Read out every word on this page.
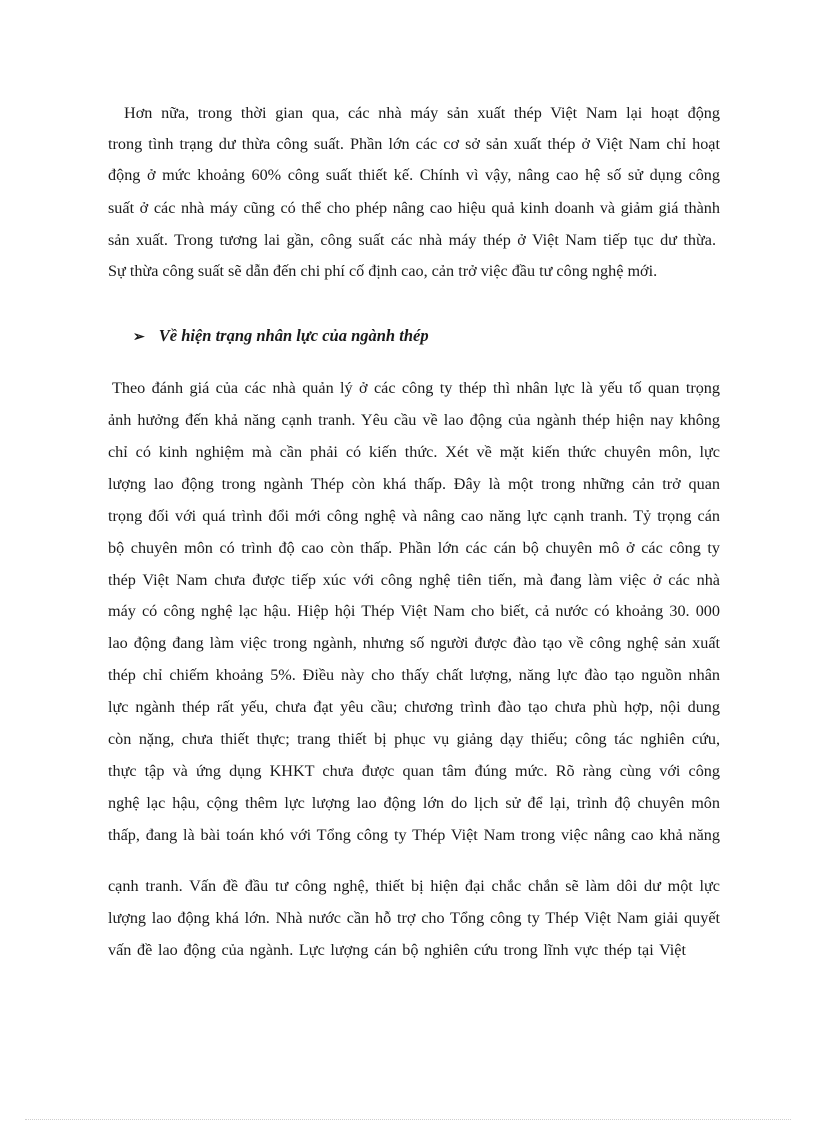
Hơn nữa, trong thời gian qua, các nhà máy sản xuất thép Việt Nam lại hoạt động
trong tình trạng dư thừa công suất. Phần lớn các cơ sở sản xuất thép ở Việt Nam chỉ hoạt
động ở mức khoảng 60% công suất thiết kế. Chính vì vậy, nâng cao hệ số sử dụng công
suất ở các nhà máy cũng có thể cho phép nâng cao hiệu quả kinh doanh và giảm giá thành
sản xuất. Trong tương lai gần, công suất các nhà máy thép ở Việt Nam tiếp tục dư thừa.
Sự thừa công suất sẽ dẫn đến chi phí cố định cao, cản trở việc đầu tư công nghệ mới.
➢ Về hiện trạng nhân lực của ngành thép
Theo đánh giá của các nhà quản lý ở các công ty thép thì nhân lực là yếu tố quan trọng
ảnh hưởng đến khả năng cạnh tranh. Yêu cầu về lao động của ngành thép hiện nay không
chỉ có kinh nghiệm mà cần phải có kiến thức. Xét về mặt kiến thức chuyên môn, lực
lượng lao động trong ngành Thép còn khá thấp. Đây là một trong những cản trở quan
trọng đối với quá trình đổi mới công nghệ và nâng cao năng lực cạnh tranh. Tỷ trọng cán
bộ chuyên môn có trình độ cao còn thấp. Phần lớn các cán bộ chuyên mô ở các công ty
thép Việt Nam chưa được tiếp xúc với công nghệ tiên tiến, mà đang làm việc ở các nhà
máy có công nghệ lạc hậu. Hiệp hội Thép Việt Nam cho biết, cả nước có khoảng 30. 000
lao động đang làm việc trong ngành, nhưng số người được đào tạo về công nghệ sản xuất
thép chỉ chiếm khoảng 5%. Điều này cho thấy chất lượng, năng lực đào tạo nguồn nhân
lực ngành thép rất yếu, chưa đạt yêu cầu; chương trình đào tạo chưa phù hợp, nội dung
còn nặng, chưa thiết thực; trang thiết bị phục vụ giảng dạy thiếu; công tác nghiên cứu,
thực tập và ứng dụng KHKT chưa được quan tâm đúng mức. Rõ ràng cùng với công
nghệ lạc hậu, cộng thêm lực lượng lao động lớn do lịch sử để lại, trình độ chuyên môn
thấp, đang là bài toán khó với Tổng công ty Thép Việt Nam trong việc nâng cao khả năng
cạnh tranh. Vấn đề đầu tư công nghệ, thiết bị hiện đại chắc chắn sẽ làm dôi dư một lực
lượng lao động khá lớn. Nhà nước cần hỗ trợ cho Tổng công ty Thép Việt Nam giải quyết
vấn đề lao động của ngành. Lực lượng cán bộ nghiên cứu trong lĩnh vực thép tại Việt
